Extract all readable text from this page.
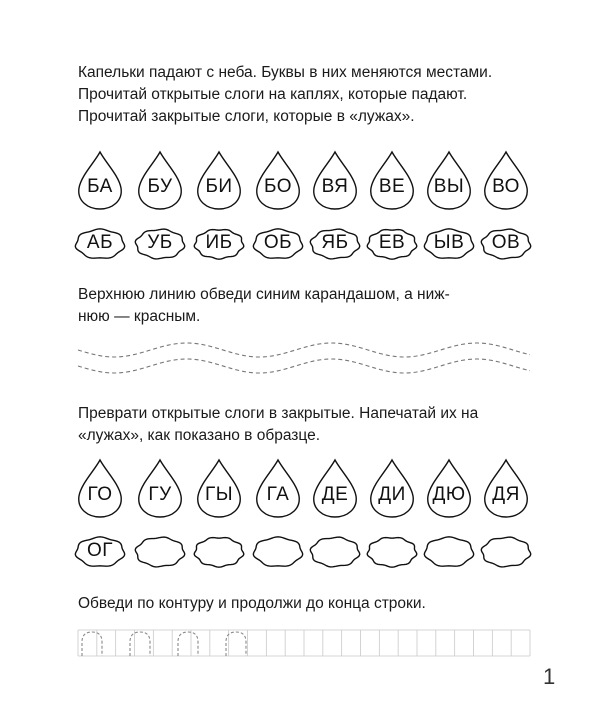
Капельки падают с неба. Буквы в них меняются местами.
Прочитай открытые слоги на каплях, которые падают.
Прочитай закрытые слоги, которые в «лужах».
БА	БУ	БИ	БО	ВЯ	ВЕ	ВЫ	ВО
АБ	УБ	ИБ	ОБ	ЯБ	ЕВ	ЫВ	ОВ
Верхнюю линию обведи синим карандашом, а ниж-
нюю — красным.
Преврати открытые слоги в закрытые. Напечатай их на
«лужах», как показано в образце.
ГО	ГУ	ГЫ	ГА	ДЕ	ДИ	ДЮ	ДЯ
ОГ
Обведи по контуру и продолжи до конца строки.
1
